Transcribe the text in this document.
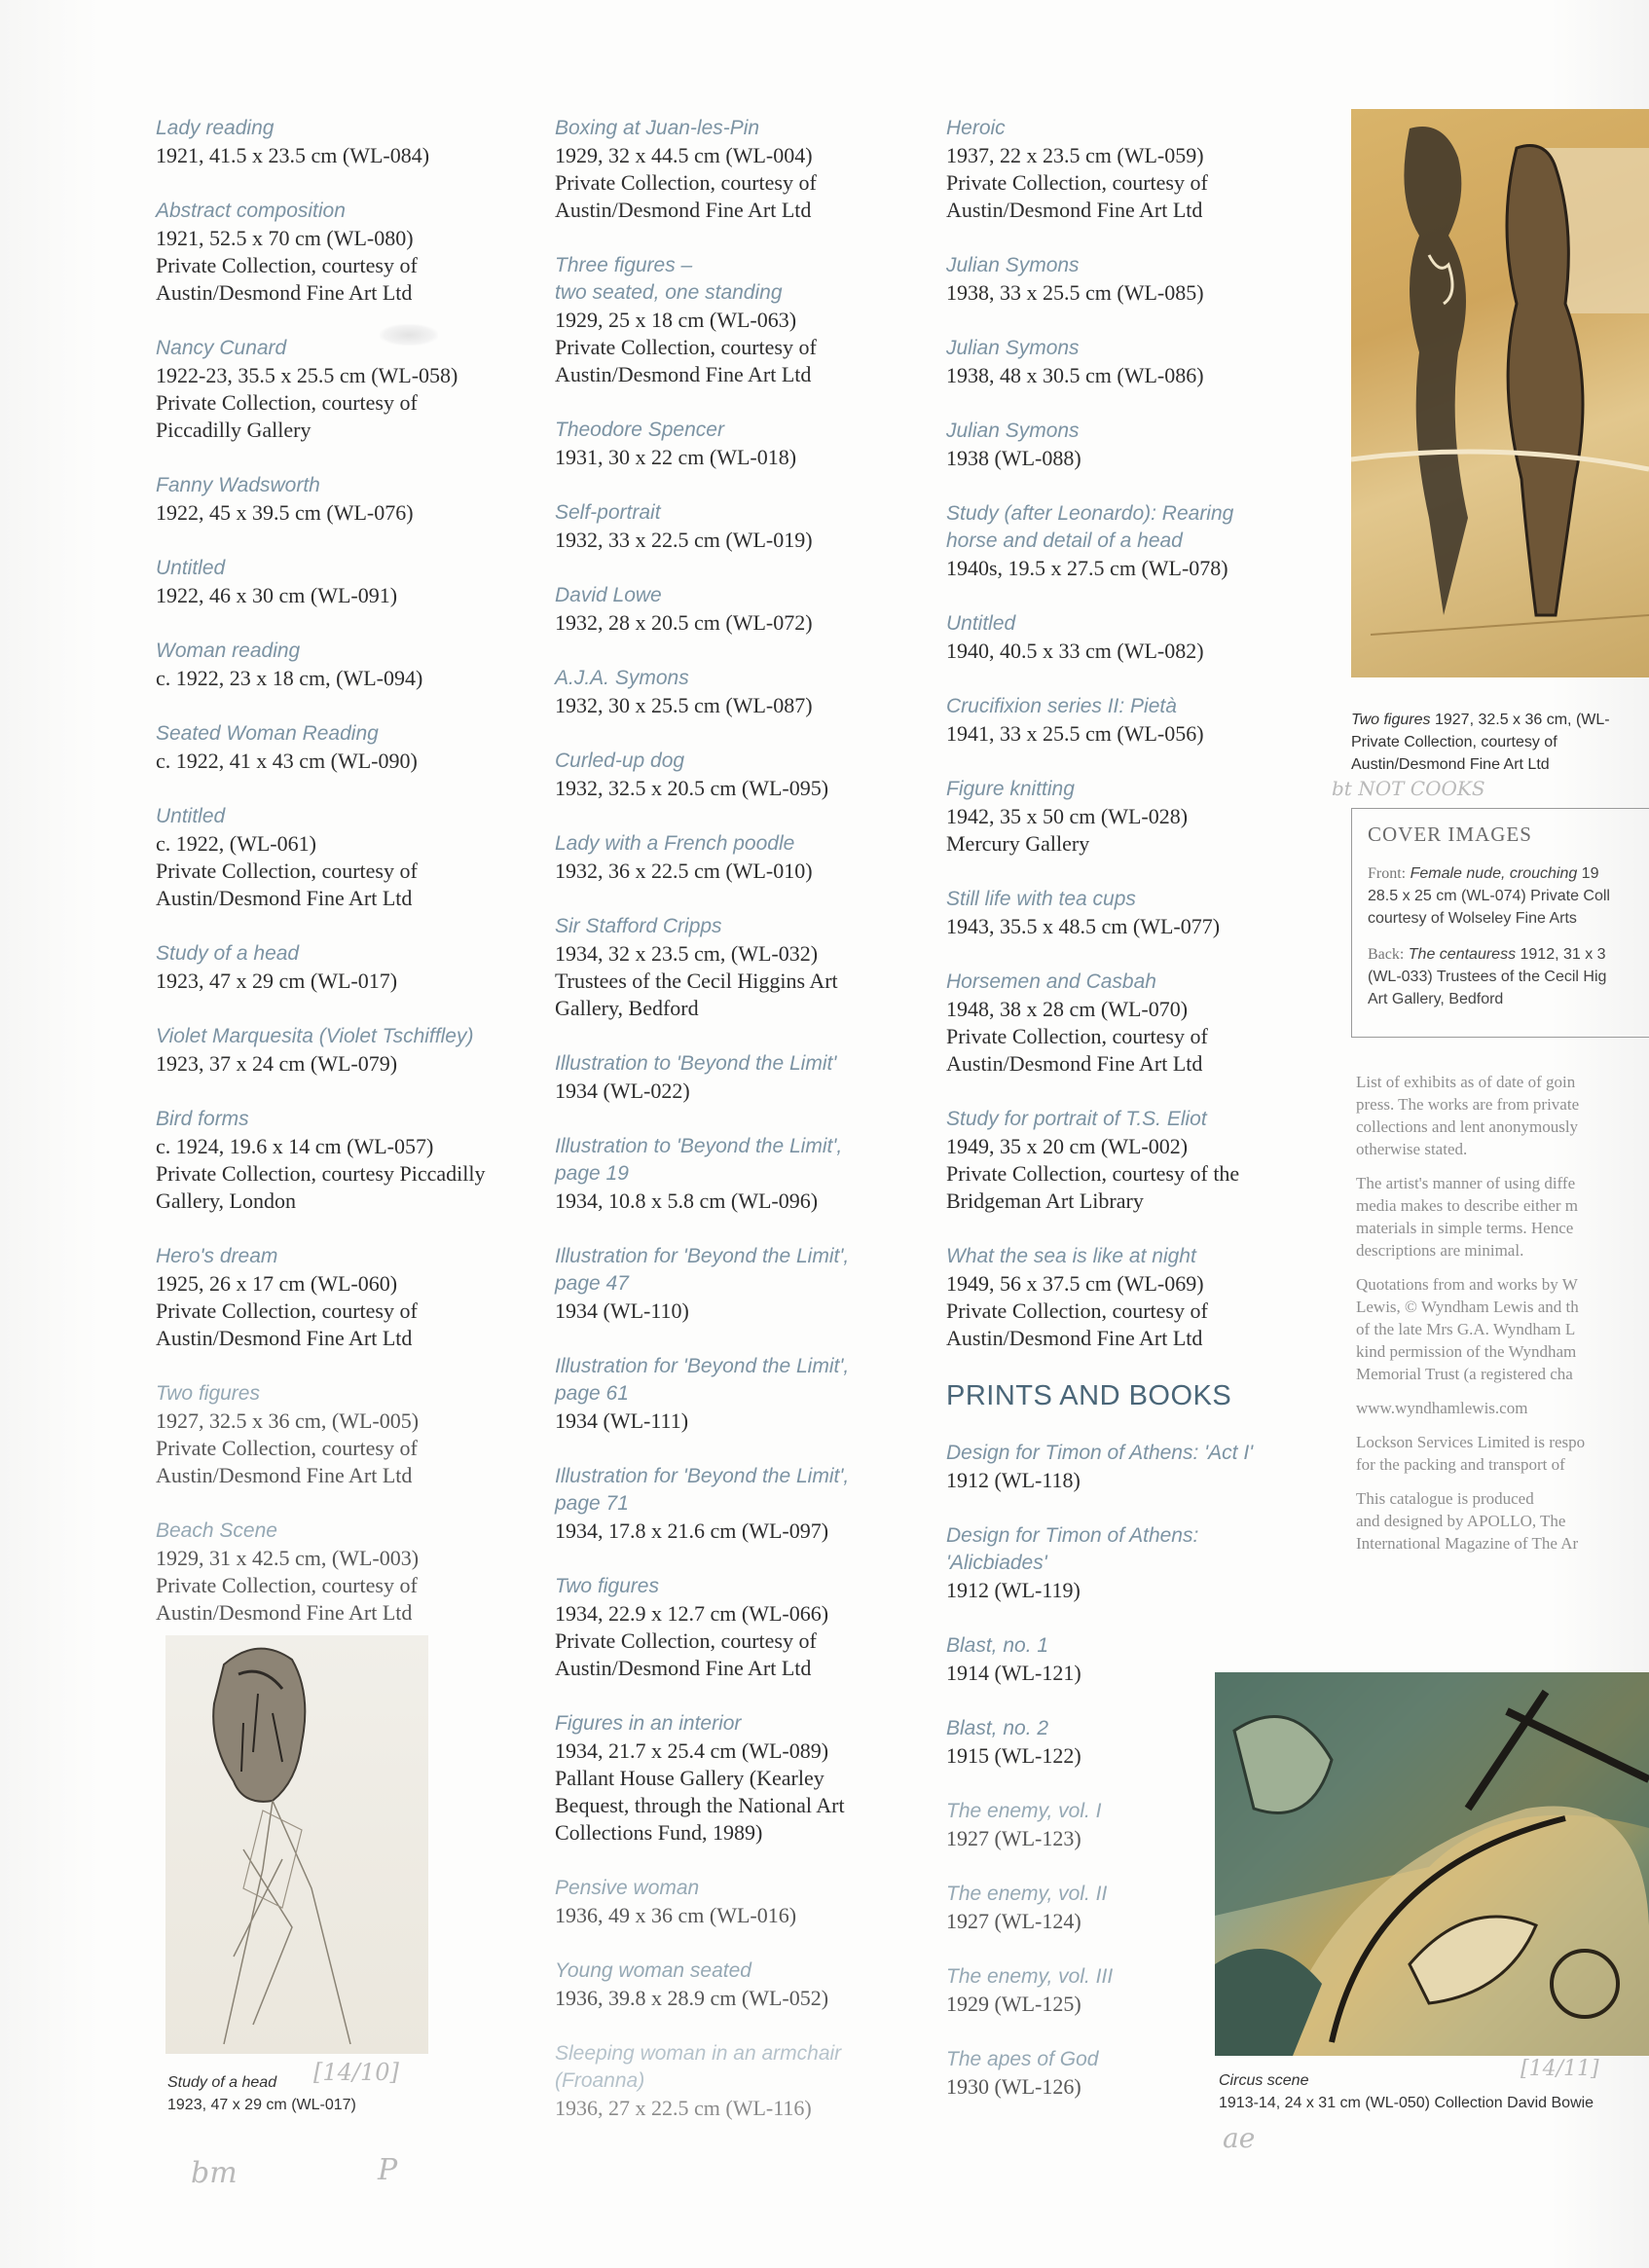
Lady reading
1921, 41.5 x 23.5 cm (WL-084)
Abstract composition
1921, 52.5 x 70 cm (WL-080)
Private Collection, courtesy of
Austin/Desmond Fine Art Ltd
Nancy Cunard
1922-23, 35.5 x 25.5 cm (WL-058)
Private Collection, courtesy of
Piccadilly Gallery
Fanny Wadsworth
1922, 45 x 39.5 cm (WL-076)
Untitled
1922, 46 x 30 cm (WL-091)
Woman reading
c. 1922, 23 x 18 cm, (WL-094)
Seated Woman Reading
c. 1922, 41 x 43 cm (WL-090)
Untitled
c. 1922, (WL-061)
Private Collection, courtesy of
Austin/Desmond Fine Art Ltd
Study of a head
1923, 47 x 29 cm (WL-017)
Violet Marquesita (Violet Tschiffley)
1923, 37 x 24 cm (WL-079)
Bird forms
c. 1924, 19.6 x 14 cm (WL-057)
Private Collection, courtesy Piccadilly
Gallery, London
Hero's dream
1925, 26 x 17 cm (WL-060)
Private Collection, courtesy of
Austin/Desmond Fine Art Ltd
Two figures
1927, 32.5 x 36 cm, (WL-005)
Private Collection, courtesy of
Austin/Desmond Fine Art Ltd
Beach Scene
1929, 31 x 42.5 cm, (WL-003)
Private Collection, courtesy of
Austin/Desmond Fine Art Ltd
Boxing at Juan-les-Pin
1929, 32 x 44.5 cm (WL-004)
Private Collection, courtesy of
Austin/Desmond Fine Art Ltd
Three figures –
two seated, one standing
1929, 25 x 18 cm (WL-063)
Private Collection, courtesy of
Austin/Desmond Fine Art Ltd
Theodore Spencer
1931, 30 x 22 cm (WL-018)
Self-portrait
1932, 33 x 22.5 cm (WL-019)
David Lowe
1932, 28 x 20.5 cm (WL-072)
A.J.A. Symons
1932, 30 x 25.5 cm (WL-087)
Curled-up dog
1932, 32.5 x 20.5 cm (WL-095)
Lady with a French poodle
1932, 36 x 22.5 cm (WL-010)
Sir Stafford Cripps
1934, 32 x 23.5 cm, (WL-032)
Trustees of the Cecil Higgins Art
Gallery, Bedford
Illustration to 'Beyond the Limit'
1934 (WL-022)
Illustration to 'Beyond the Limit',
page 19
1934, 10.8 x 5.8 cm (WL-096)
Illustration for 'Beyond the Limit',
page 47
1934 (WL-110)
Illustration for 'Beyond the Limit',
page 61
1934 (WL-111)
Illustration for 'Beyond the Limit',
page 71
1934, 17.8 x 21.6 cm (WL-097)
Two figures
1934, 22.9 x 12.7 cm (WL-066)
Private Collection, courtesy of
Austin/Desmond Fine Art Ltd
Figures in an interior
1934, 21.7 x 25.4 cm (WL-089)
Pallant House Gallery (Kearley
Bequest, through the National Art
Collections Fund, 1989)
Pensive woman
1936, 49 x 36 cm (WL-016)
Young woman seated
1936, 39.8 x 28.9 cm (WL-052)
Sleeping woman in an armchair
(Froanna)
1936, 27 x 22.5 cm (WL-116)
Heroic
1937, 22 x 23.5 cm (WL-059)
Private Collection, courtesy of
Austin/Desmond Fine Art Ltd
Julian Symons
1938, 33 x 25.5 cm (WL-085)
Julian Symons
1938, 48 x 30.5 cm (WL-086)
Julian Symons
1938 (WL-088)
Study (after Leonardo): Rearing
horse and detail of a head
1940s, 19.5 x 27.5 cm (WL-078)
Untitled
1940, 40.5 x 33 cm (WL-082)
Crucifixion series II: Pietà
1941, 33 x 25.5 cm (WL-056)
Figure knitting
1942, 35 x 50 cm (WL-028)
Mercury Gallery
Still life with tea cups
1943, 35.5 x 48.5 cm (WL-077)
Horsemen and Casbah
1948, 38 x 28 cm (WL-070)
Private Collection, courtesy of
Austin/Desmond Fine Art Ltd
Study for portrait of T.S. Eliot
1949, 35 x 20 cm (WL-002)
Private Collection, courtesy of the
Bridgeman Art Library
What the sea is like at night
1949, 56 x 37.5 cm (WL-069)
Private Collection, courtesy of
Austin/Desmond Fine Art Ltd
PRINTS AND BOOKS
Design for Timon of Athens: 'Act I'
1912 (WL-118)
Design for Timon of Athens:
'Alicbiades'
1912 (WL-119)
Blast, no. 1
1914 (WL-121)
Blast, no. 2
1915 (WL-122)
The enemy, vol. I
1927 (WL-123)
The enemy, vol. II
1927 (WL-124)
The enemy, vol. III
1929 (WL-125)
The apes of God
1930 (WL-126)
Study of a head [14/10]

1923, 47 x 29 cm (WL-017)
Two figures 1927, 32.5 x 36 cm, (WL-
Private Collection, courtesy of
Austin/Desmond Fine Art Ltd
bt NOT COOKS
COVER IMAGES
Front: Female nude, crouching 19
28.5 x 25 cm (WL-074) Private Coll
courtesy of Wolseley Fine Arts
Back: The centauress 1912, 31 x 3
(WL-033) Trustees of the Cecil Hig
Art Gallery, Bedford
List of exhibits as of date of goin
press. The works are from private
collections and lent anonymously
otherwise stated.
The artist's manner of using diffe
media makes to describe either m
materials in simple terms. Hence
descriptions are minimal.
Quotations from and works by W
Lewis, © Wyndham Lewis and th
of the late Mrs G.A. Wyndham L
kind permission of the Wyndham
Memorial Trust (a registered cha
www.wyndhamlewis.com
Lockson Services Limited is respo
for the packing and transport of
This catalogue is produced
and designed by APOLLO, The
International Magazine of The Ar
Circus scene	[14/11]

1913-14, 24 x 31 cm (WL-050) Collection David Bowie
bm	P
ae
